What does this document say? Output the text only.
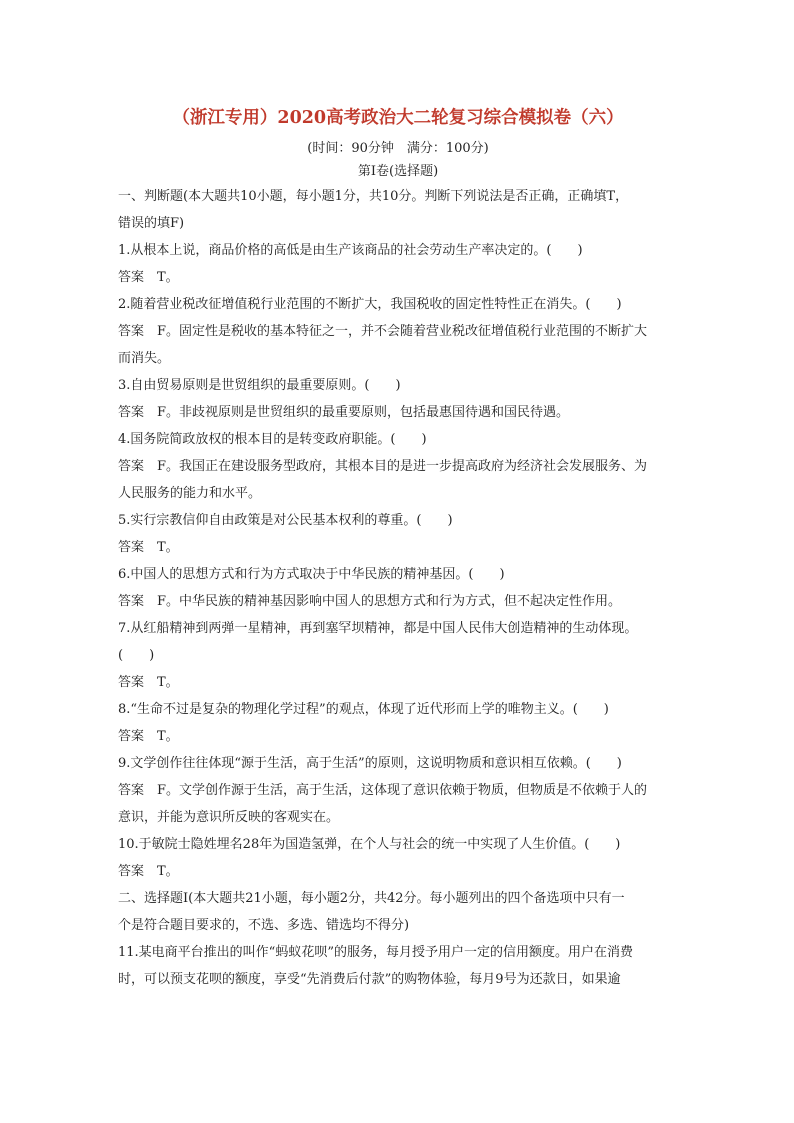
（浙江专用）2020高考政治大二轮复习综合模拟卷（六）
(时间：90分钟　满分：100分)
第Ⅰ卷(选择题)
一、判断题(本大题共10小题，每小题1分，共10分。判断下列说法是否正确，正确填T，
错误的填F)
1.从根本上说，商品价格的高低是由生产该商品的社会劳动生产率决定的。(　　)
答案　T。
2.随着营业税改征增值税行业范围的不断扩大，我国税收的固定性特性正在消失。(　　)
答案　F。固定性是税收的基本特征之一，并不会随着营业税改征增值税行业范围的不断扩大
而消失。
3.自由贸易原则是世贸组织的最重要原则。(　　)
答案　F。非歧视原则是世贸组织的最重要原则，包括最惠国待遇和国民待遇。
4.国务院简政放权的根本目的是转变政府职能。(　　)
答案　F。我国正在建设服务型政府，其根本目的是进一步提高政府为经济社会发展服务、为
人民服务的能力和水平。
5.实行宗教信仰自由政策是对公民基本权利的尊重。(　　)
答案　T。
6.中国人的思想方式和行为方式取决于中华民族的精神基因。(　　)
答案　F。中华民族的精神基因影响中国人的思想方式和行为方式，但不起决定性作用。
7.从红船精神到两弹一星精神，再到塞罕坝精神，都是中国人民伟大创造精神的生动体现。
(　　)
答案　T。
8.“生命不过是复杂的物理化学过程”的观点，体现了近代形而上学的唯物主义。(　　)
答案　T。
9.文学创作往往体现“源于生活，高于生活”的原则，这说明物质和意识相互依赖。(　　)
答案　F。文学创作源于生活，高于生活，这体现了意识依赖于物质，但物质是不依赖于人的
意识，并能为意识所反映的客观实在。
10.于敏院士隐姓埋名28年为国造氢弹，在个人与社会的统一中实现了人生价值。(　　)
答案　T。
二、选择题Ⅰ(本大题共21小题，每小题2分，共42分。每小题列出的四个备选项中只有一
个是符合题目要求的，不选、多选、错选均不得分)
11.某电商平台推出的叫作“蚂蚁花呗”的服务，每月授予用户一定的信用额度。用户在消费
时，可以预支花呗的额度，享受“先消费后付款”的购物体验，每月9号为还款日，如果逾
